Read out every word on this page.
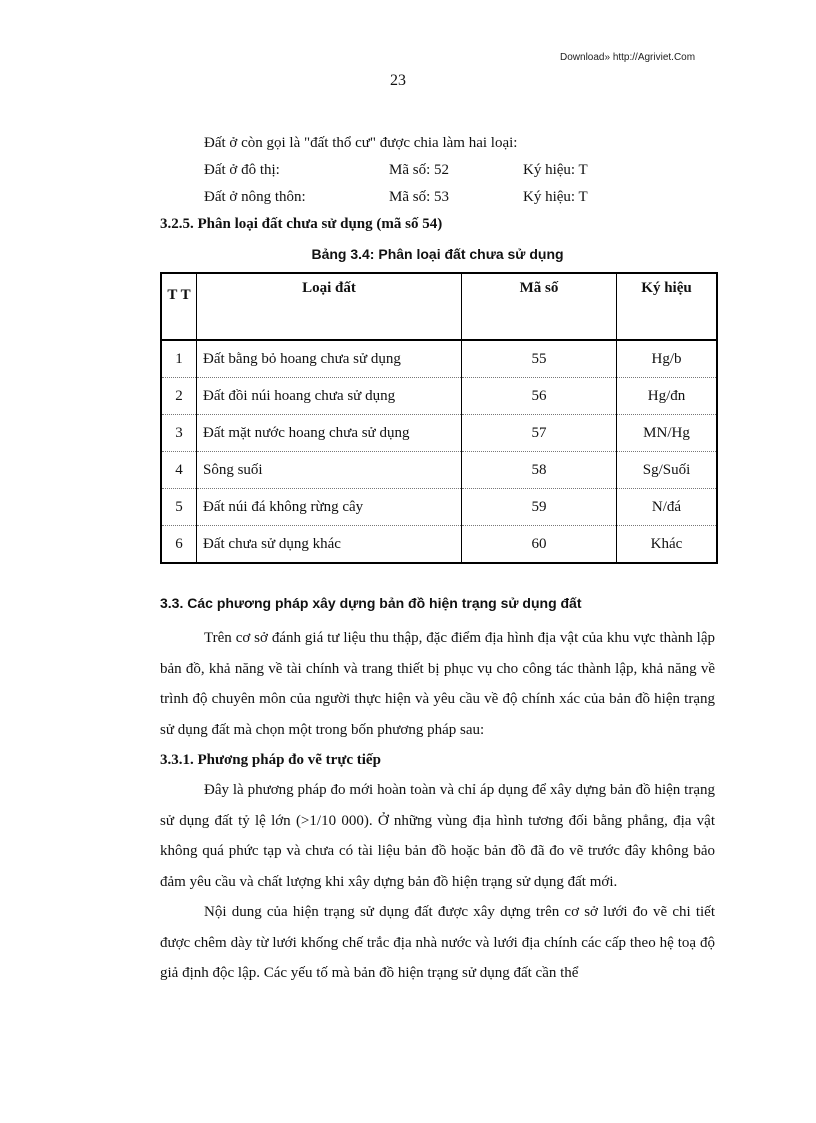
Download» http://Agriviet.Com
23

Đất ở còn gọi là "đất thổ cư" được chia làm hai loại:

Đất ở đô thị:	Mã số: 52	Ký hiệu: T
Đất ở nông thôn:	Mã số: 53	Ký hiệu: T

3.2.5. Phân loại đất chưa sử dụng (mã số 54)

Bảng 3.4: Phân loại đất chưa sử dụng
T T	Loại đất	Mã số	Ký hiệu
1	Đất bằng bỏ hoang chưa sử dụng	55	Hg/b
2	Đất đồi núi hoang chưa sử dụng	56	Hg/đn
3	Đất mặt nước hoang chưa sử dụng	57	MN/Hg
4	Sông suối	58	Sg/Suối
5	Đất núi đá không rừng cây	59	N/đá
6	Đất chưa sử dụng khác	60	Khác
3.3. Các phương pháp xây dựng bản đồ hiện trạng sử dụng đất

Trên cơ sở đánh giá tư liệu thu thập, đặc điểm địa hình địa vật của khu vực thành lập bản đồ, khả năng về tài chính và trang thiết bị phục vụ cho công tác thành lập, khả năng về trình độ chuyên môn của người thực hiện và yêu cầu về độ chính xác của bản đồ hiện trạng sử dụng đất mà chọn một trong bốn phương pháp sau:

3.3.1. Phương pháp đo vẽ trực tiếp

Đây là phương pháp đo mới hoàn toàn và chỉ áp dụng để xây dựng bản đồ hiện trạng sử dụng đất tỷ lệ lớn (>1/10 000). Ở những vùng địa hình tương đối bằng phẳng, địa vật không quá phức tạp và chưa có tài liệu bản đồ hoặc bản đồ đã đo vẽ trước đây không bảo đảm yêu cầu và chất lượng khi xây dựng bản đồ hiện trạng sử dụng đất mới.

Nội dung của hiện trạng sử dụng đất được xây dựng trên cơ sở lưới đo vẽ chi tiết được chêm dày từ lưới khống chế trắc địa nhà nước và lưới địa chính các cấp theo hệ toạ độ giả định độc lập. Các yếu tố mà bản đồ hiện trạng sử dụng đất cần thể
